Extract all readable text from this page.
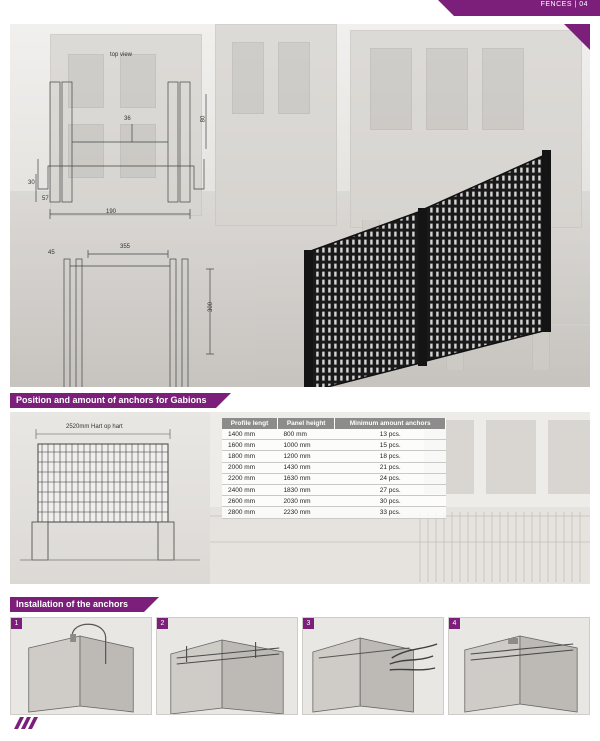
FENCES | 04
top view
190
30
57
36
355
45
300
80
Position and amount of anchors for Gabions
2520mm Hart op hart	Profile lengt	Panel height	Minimum amount anchors
1400 mm	800 mm	13 pcs.
1600 mm	1000 mm	15 pcs.
1800 mm	1200 mm	18 pcs.
2000 mm	1430 mm	21 pcs.
2200 mm	1630 mm	24 pcs.
2400 mm	1830 mm	27 pcs.
2600 mm	2030 mm	30 pcs.
2800 mm	2230 mm	33 pcs.
Installation of the anchors
1	2	3	4
